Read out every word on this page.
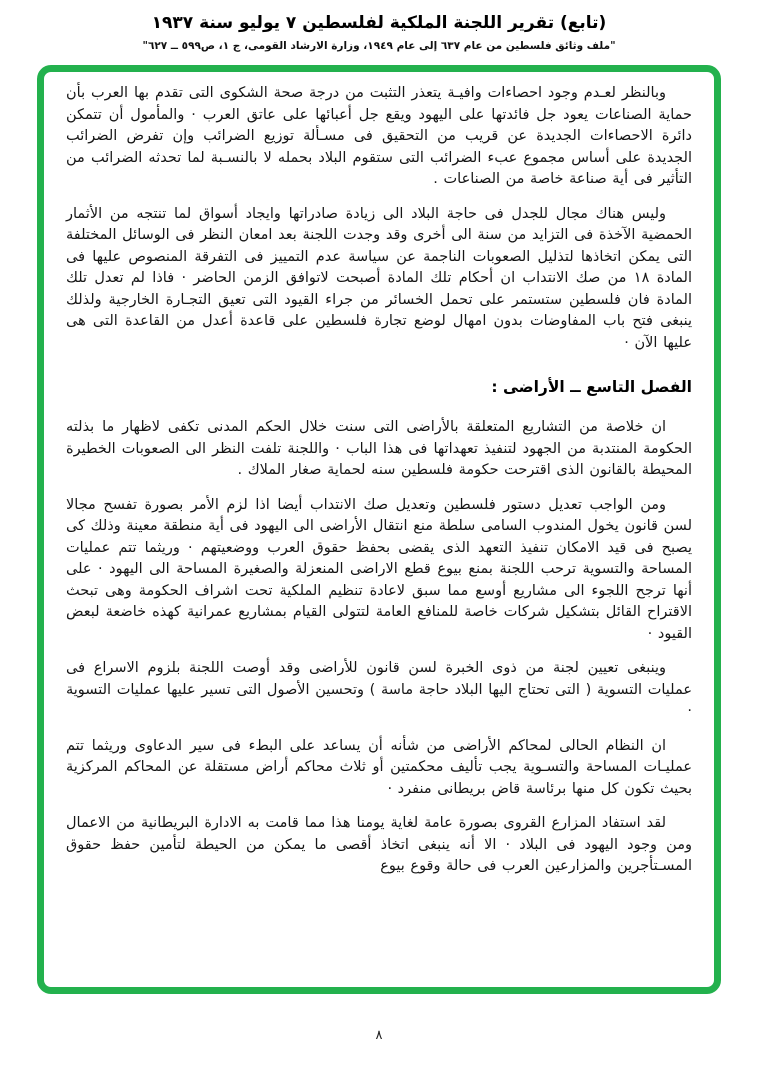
(تابع) تقرير اللجنة الملكية لفلسطين ٧ يوليو سنة ١٩٣٧
"ملف وثائق فلسطين من عام ٦٣٧ إلى عام ١٩٤٩، وزارة الارشاد القومى، ج ١، ص٥٩٩ ــ ٦٢٧"

وبالنظر لعـدم وجود احصاءات وافيـة يتعذر التثبت من درجة صحة الشكوى التى تقدم بها العرب بأن حماية الصناعات يعود جل فائدتها على اليهود ويقع جل أعبائها على عاتق العرب · والمأمول أن تتمكن دائرة الاحصاءات الجديدة عن قريب من التحقيق فى مسـألة توزيع الضرائب وإن تفرض الضرائب الجديدة على أساس مجموع عبء الضرائب التى ستقوم البلاد بحمله لا بالنسـبة لما تحدثه الضرائب من التأثير فى أية صناعة خاصة من الصناعات .

وليس هناك مجال للجدل فى حاجة البلاد الى زيادة صادراتها وايجاد أسواق لما تنتجه من الأثمار الحمضية الآخذة فى التزايد من سنة الى أخرى وقد وجدت اللجنة بعد امعان النظر فى الوسائل المختلفة التى يمكن اتخاذها لتذليل الصعوبات الناجمة عن سياسة عدم التمييز فى التفرقة المنصوص عليها فى المادة ١٨ من صك الانتداب ان أحكام تلك المادة أصبحت لاتوافق الزمن الحاضر · فاذا لم تعدل تلك المادة فان فلسطين ستستمر على تحمل الخسائر من جراء القيود التى تعيق التجـارة الخارجية ولذلك ينبغى فتح باب المفاوضات بدون امهال لوضع تجارة فلسطين على قاعدة أعدل من القاعدة التى هى عليها الآن ·

الفصل التاسع ــ الأراضى :

ان خلاصة من التشاريع المتعلقة بالأراضى التى سنت خلال الحكم المدنى تكفى لاظهار ما بذلته الحكومة المنتدبة من الجهود لتنفيذ تعهداتها فى هذا الباب · واللجنة تلفت النظر الى الصعوبات الخطيرة المحيطة بالقانون الذى اقترحت حكومة فلسطين سنه لحماية صغار الملاك .

ومن الواجب تعديل دستور فلسطين وتعديل صك الانتداب أيضا اذا لزم الأمر بصورة تفسح مجالا لسن قانون يخول المندوب السامى سلطة منع انتقال الأراضى الى اليهود فى أية منطقة معينة وذلك كى يصبح فى قيد الامكان تنفيذ التعهد الذى يقضى بحفظ حقوق العرب ووضعيتهم · وريثما تتم عمليات المساحة والتسوية ترحب اللجنة بمنع بيوع قطع الاراضى المنعزلة والصغيرة المساحة الى اليهود · على أنها ترجح اللجوء الى مشاريع أوسع مما سبق لاعادة تنظيم الملكية تحت اشراف الحكومة وهى تبحث الاقتراح القائل بتشكيل شركات خاصة للمنافع العامة لتتولى القيام بمشاريع عمرانية كهذه خاضعة لبعض القيود ·

وينبغى تعيين لجنة من ذوى الخبرة لسن قانون للأراضى وقد أوصت اللجنة بلزوم الاسراع فى عمليات التسوية ( التى تحتاج اليها البلاد حاجة ماسة ) وتحسين الأصول التى تسير عليها عمليات التسوية ·

ان النظام الحالى لمحاكم الأراضى من شأنه أن يساعد على البطء فى سير الدعاوى وريثما تتم عمليـات المساحة والتسـوية يجب تأليف محكمتين أو ثلاث محاكم أراض مستقلة عن المحاكم المركزية بحيث تكون كل منها برئاسة قاض بريطانى منفرد ·

لقد استفاد المزارع القروى بصورة عامة لغاية يومنا هذا مما قامت به الادارة البريطانية من الاعمال ومن وجود اليهود فى البلاد · الا أنه ينبغى اتخاذ أقصى ما يمكن من الحيطة لتأمين حفظ حقوق المسـتأجرين والمزارعين العرب فى حالة وقوع بيوع

٨
